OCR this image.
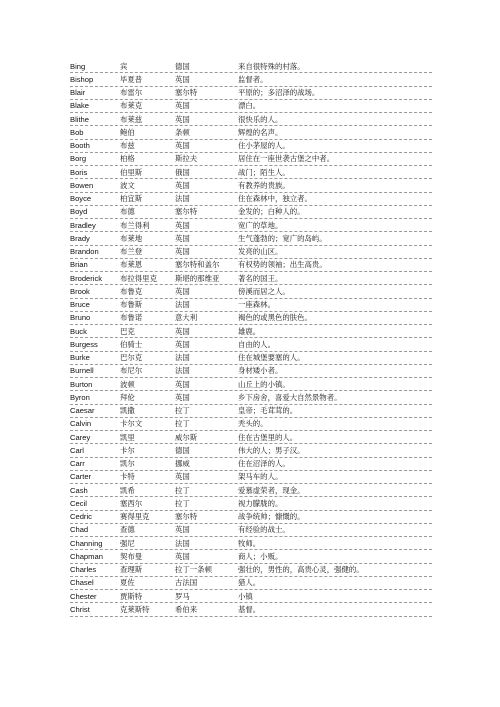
Bing	宾	德国	来自很特殊的村落。
Bishop	毕夏普	英国	监督者。
Blair	布雷尔	塞尔特	平原的；多沼泽的战场。
Blake	布莱克	英国	漂白。
Blithe	布莱兹	英国	很快乐的人。
Bob	鲍伯	条顿	辉煌的名声。
Booth	布兹	英国	住小茅屋的人。
Borg	柏格	斯拉夫	居住在一座世袭古堡之中者。
Boris	伯里斯	俄国	战门；陌生人。
Bowen	波文	英国	有教养的贵族。
Boyce	柏宜斯	法国	住在森林中，独立者。
Boyd	布德	塞尔特	金发的；白种人的。
Bradley	布兰得利	英国	宽广的草地。
Brady	布莱地	英国	生气蓬勃的；宽广的岛屿。
Brandon	布兰登	英国	发亮的山区。
Brian	布莱恩	塞尔特和盖尔	有权势的领袖；出生高贵。
Broderick	布拉得里克	斯堪的那维亚	著名的国王。
Brook	布鲁克	英国	傍溪而居之人。
Bruce	布鲁斯	法国	一座森林。
Bruno	布鲁诺	意大利	褐色的或黑色的肤色。
Buck	巴克	英国	雄鹿。
Burgess	伯骑士	英国	自由的人。
Burke	巴尔克	法国	住在城堡要塞的人。
Burnell	布尼尔	法国	身材矮小者。
Burton	波顿	英国	山丘上的小镇。
Byron	拜伦	英国	乡下房舍，喜爱大自然景物者。
Caesar	凯撒	拉丁	皇帝；毛茸茸的。
Calvin	卡尔文	拉丁	秃头的。
Carey	凯里	威尔斯	住在古堡里的人。
Carl	卡尔	德国	伟大的人；男子汉。
Carr	凯尔	挪威	住在沼泽的人。
Carter	卡特	英国	架马车的人。
Cash	凯希	拉丁	爱慕虚荣者，现金。
Cecil	塞西尔	拉丁	视力朦胧的。
Cedric	赛得里克	塞尔特	战争统帅；慷慨的。
Chad	查德	英国	有经验的战士。
Channing	强尼	法国	牧师。
Chapman	契布曼	英国	商人；小贩。
Charles	查理斯	拉丁一条顿	强壮的，男性的，高贵心灵，强健的。
Chasel	夏佐	古法国	猎人。
Chester	贾斯特	罗马	小镇
Christ	克莱斯特	希伯来	基督。
